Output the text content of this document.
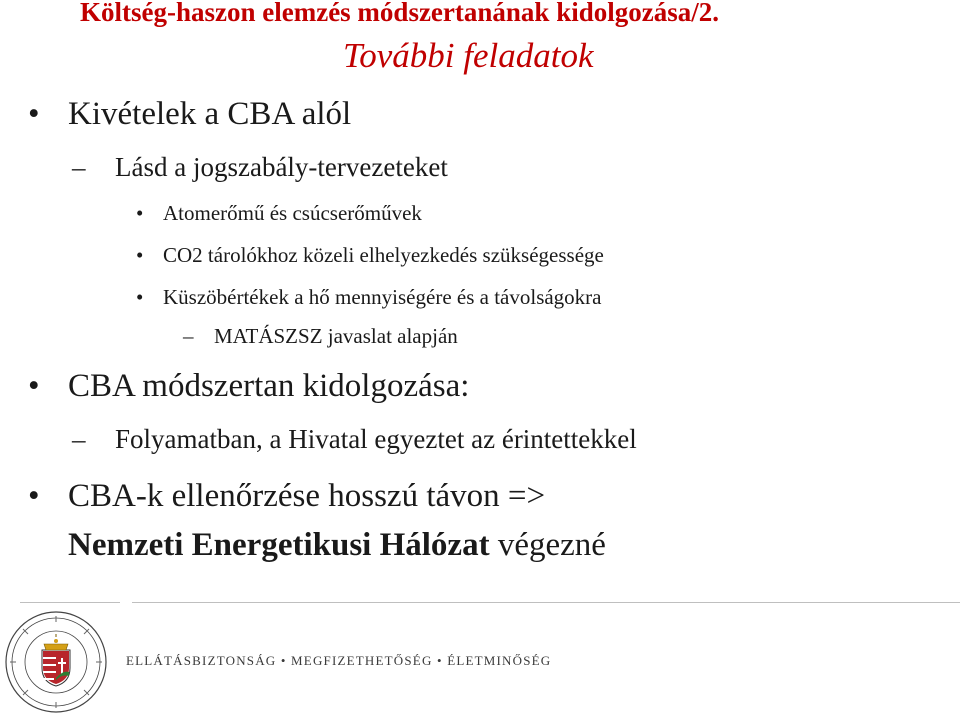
Költség-haszon elemzés módszertanának kidolgozása/2.
További feladatok
• Kivételek a CBA alól
– Lásd a jogszabály-tervezeteket
• Atomerőmű és csúcserőművek
• CO2 tárolókhoz közeli elhelyezkedés szükségessége
• Küszöbértékek a hő mennyiségére és a távolságokra
– MATÁSZSZ javaslat alapján
• CBA módszertan kidolgozása:
– Folyamatban, a Hivatal egyeztet az érintettekkel
• CBA-k ellenőrzése hosszú távon =>
Nemzeti Energetikusi Hálózat végezné
ELLÁTÁSBIZTONSÁG • MEGFIZETHETŐSÉG • ÉLETMINŐSÉG
